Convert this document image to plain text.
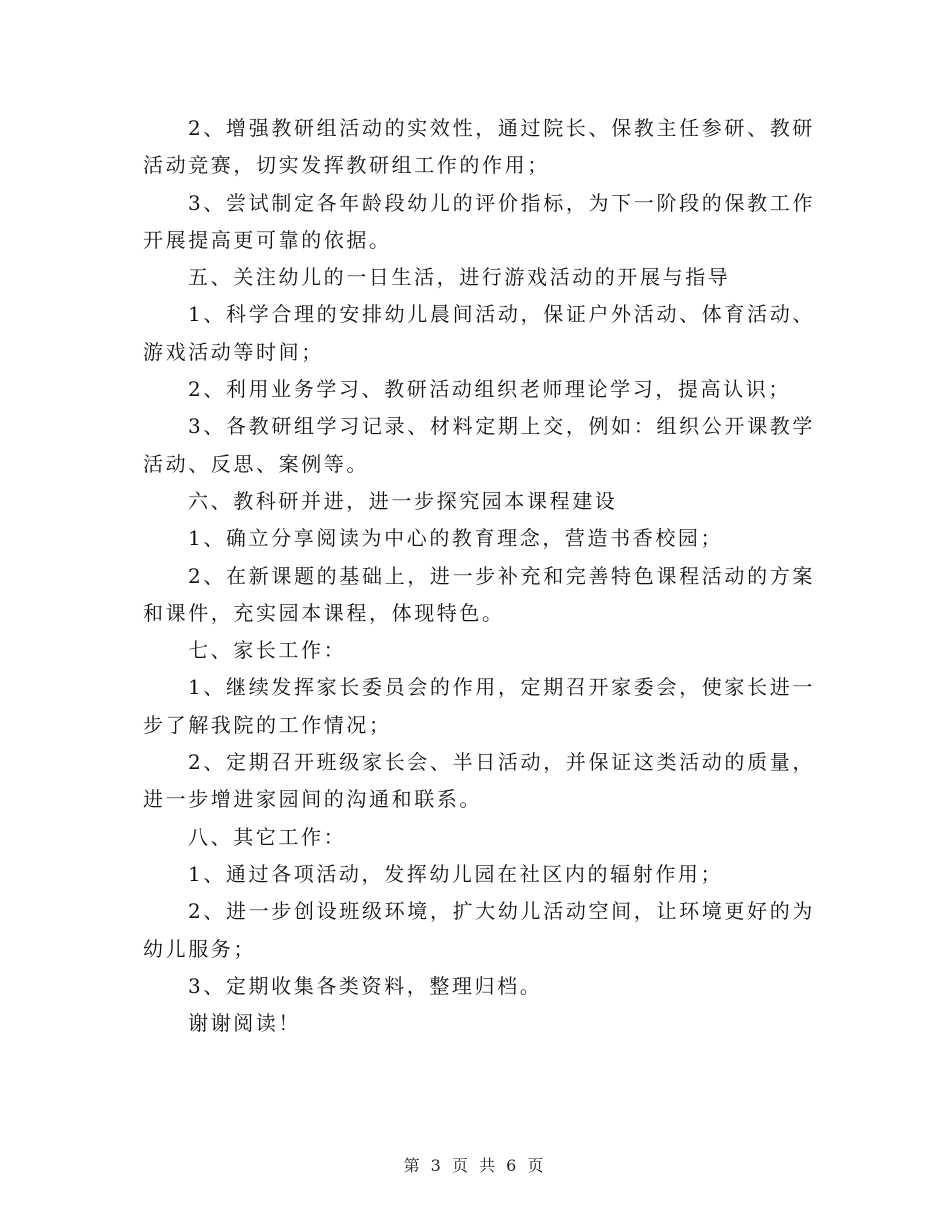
2、增强教研组活动的实效性，通过院长、保教主任参研、教研活动竞赛，切实发挥教研组工作的作用；

3、尝试制定各年龄段幼儿的评价指标，为下一阶段的保教工作开展提高更可靠的依据。

五、关注幼儿的一日生活，进行游戏活动的开展与指导

1、科学合理的安排幼儿晨间活动，保证户外活动、体育活动、游戏活动等时间；

2、利用业务学习、教研活动组织老师理论学习，提高认识；

3、各教研组学习记录、材料定期上交，例如：组织公开课教学活动、反思、案例等。

六、教科研并进，进一步探究园本课程建设

1、确立分享阅读为中心的教育理念，营造书香校园；

2、在新课题的基础上，进一步补充和完善特色课程活动的方案和课件，充实园本课程，体现特色。

七、家长工作：

1、继续发挥家长委员会的作用，定期召开家委会，使家长进一步了解我院的工作情况；

2、定期召开班级家长会、半日活动，并保证这类活动的质量，进一步增进家园间的沟通和联系。

八、其它工作：

1、通过各项活动，发挥幼儿园在社区内的辐射作用；

2、进一步创设班级环境，扩大幼儿活动空间，让环境更好的为幼儿服务；

3、定期收集各类资料，整理归档。

谢谢阅读！

第 3 页 共 6 页
